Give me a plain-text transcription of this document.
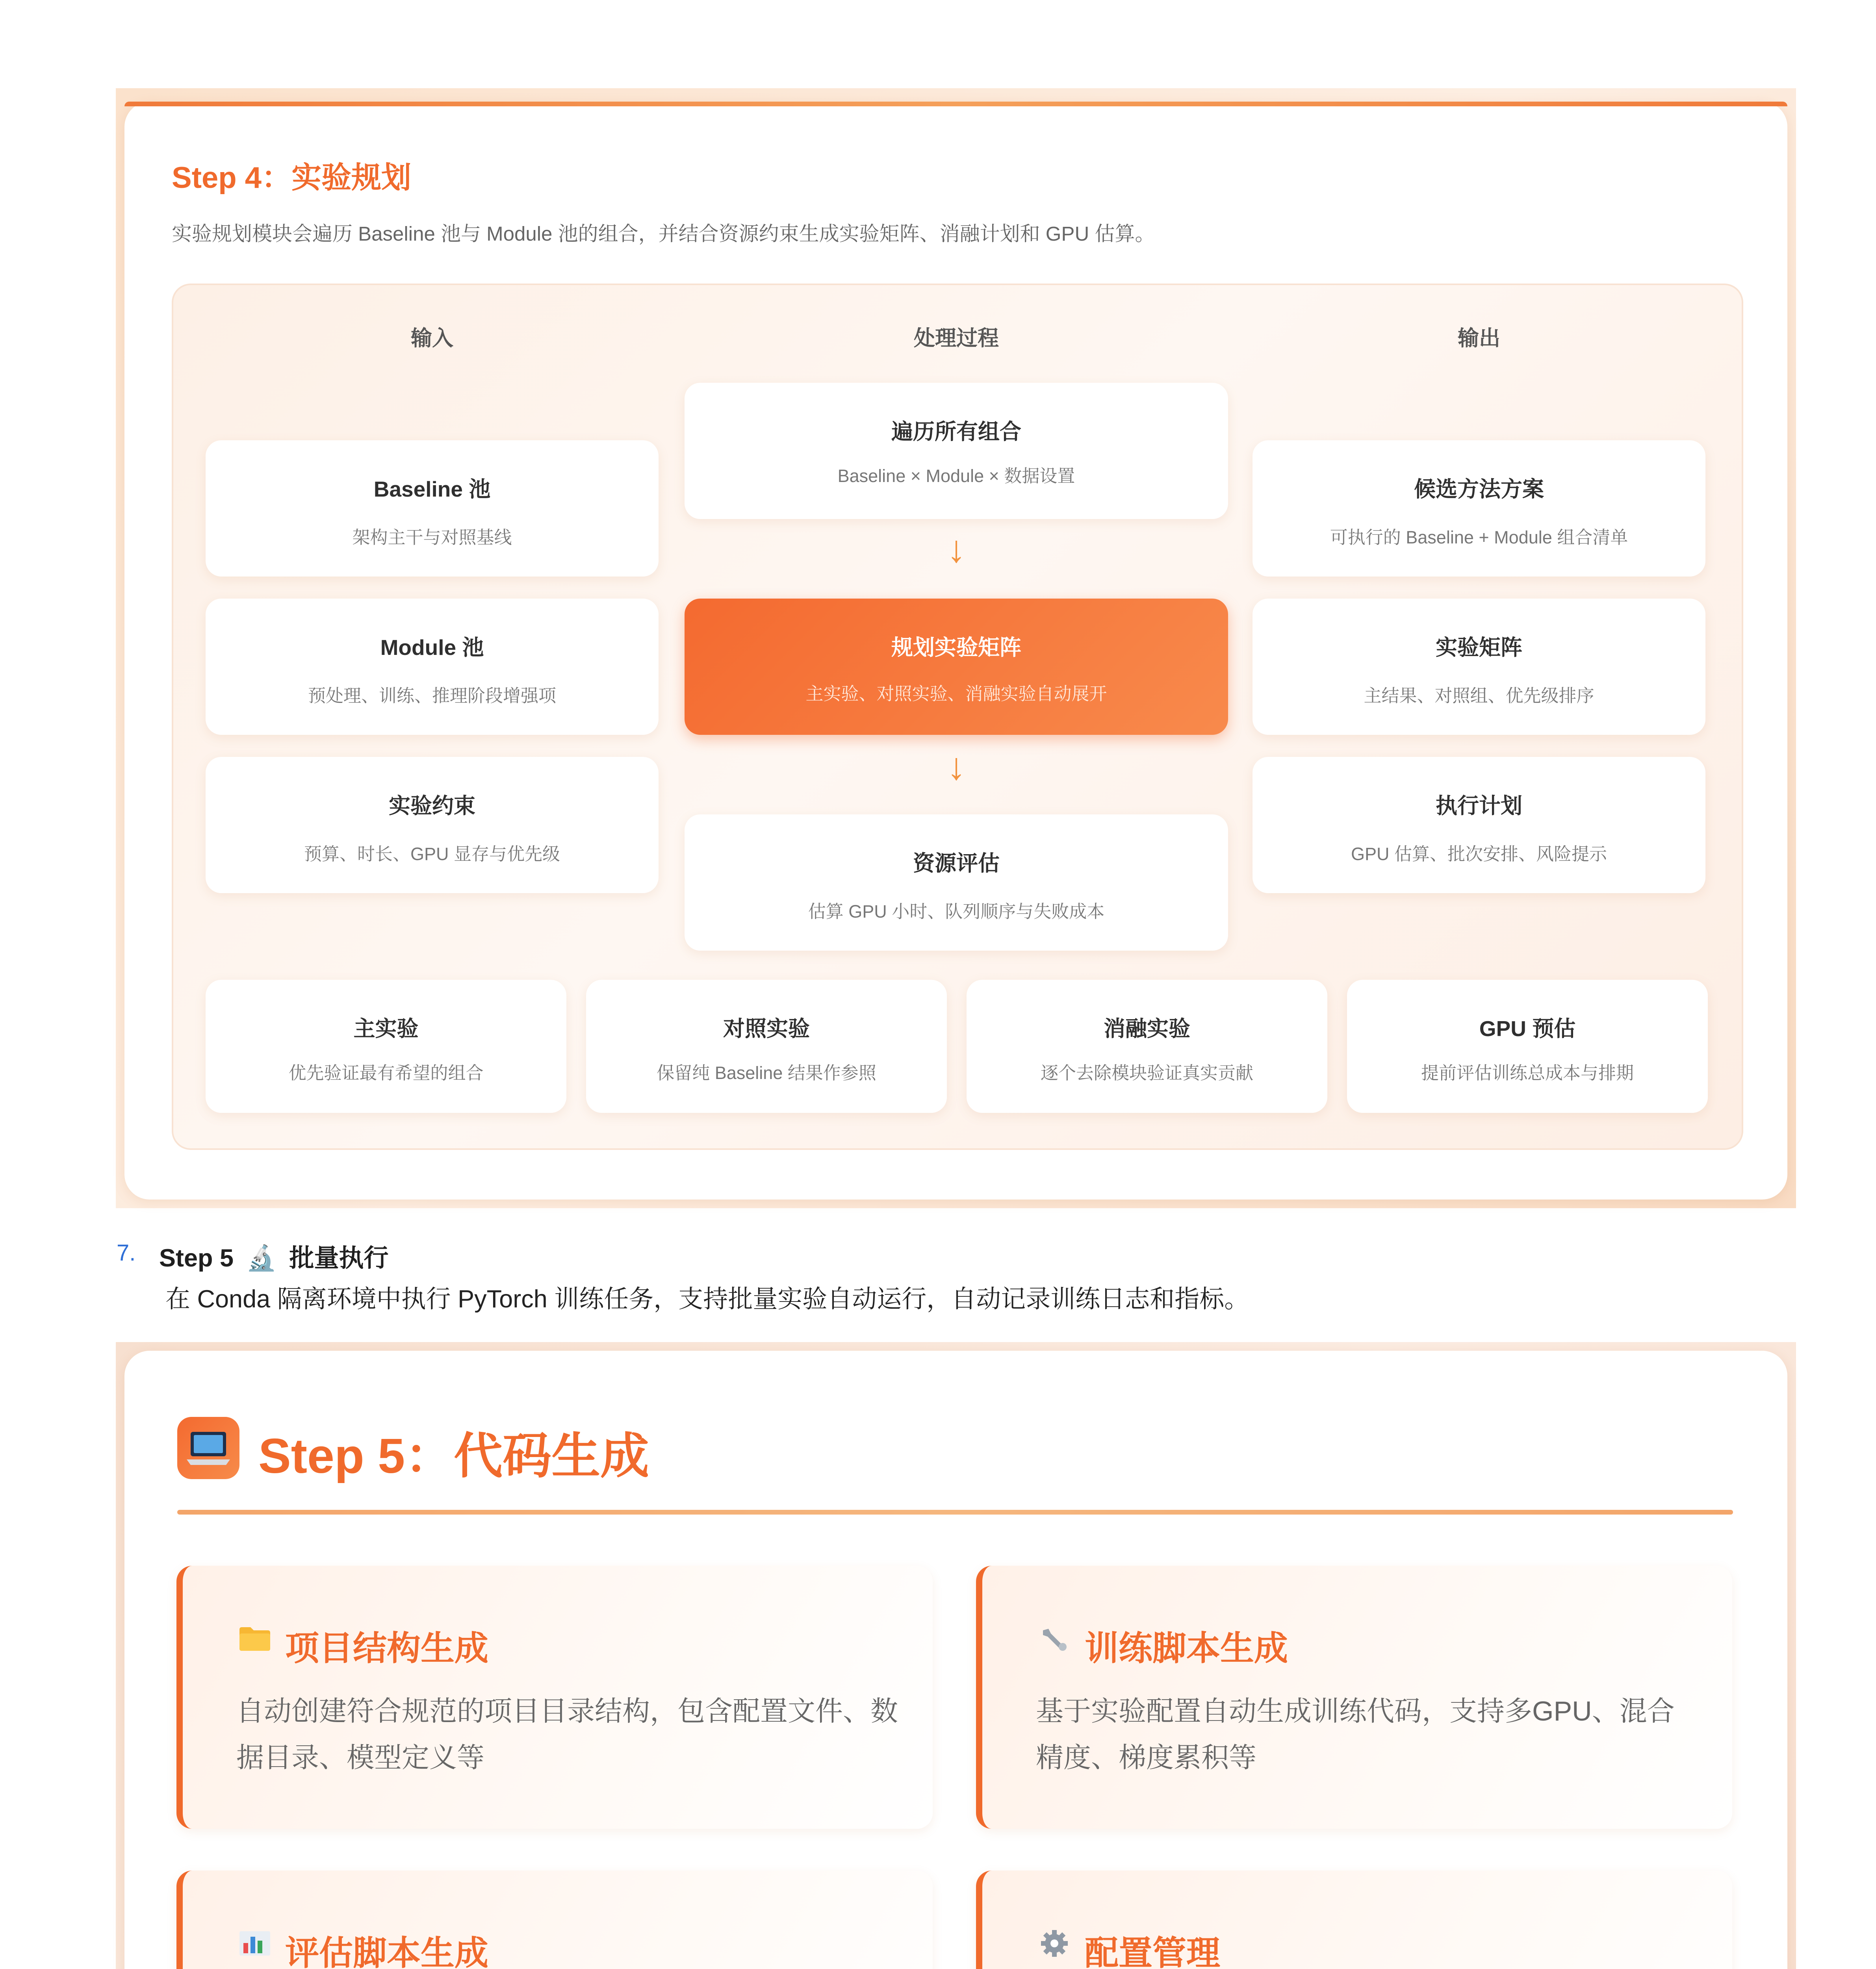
Step 4：实验规划
实验规划模块会遍历 Baseline 池与 Module 池的组合，并结合资源约束生成实验矩阵、消融计划和 GPU 估算。
输入	处理过程	输出
Baseline 池
架构主干与对照基线
Module 池
预处理、训练、推理阶段增强项
实验约束
预算、时长、GPU 显存与优先级
遍历所有组合
Baseline × Module × 数据设置
↓
规划实验矩阵
主实验、对照实验、消融实验自动展开
↓
资源评估
估算 GPU 小时、队列顺序与失败成本
候选方法方案
可执行的 Baseline + Module 组合清单
实验矩阵
主结果、对照组、优先级排序
执行计划
GPU 估算、批次安排、风险提示
主实验
优先验证最有希望的组合
对照实验
保留纯 Baseline 结果作参照
消融实验
逐个去除模块验证真实贡献
GPU 预估
提前评估训练总成本与排期
7. Step 5 🔬 批量执行
在 Conda 隔离环境中执行 PyTorch 训练任务，支持批量实验自动运行，自动记录训练日志和指标。
Step 5：代码生成
项目结构生成
自动创建符合规范的项目目录结构，包含配置文件、数据目录、模型定义等
训练脚本生成
基于实验配置自动生成训练代码，支持多GPU、混合精度、梯度累积等
评估脚本生成	配置管理
